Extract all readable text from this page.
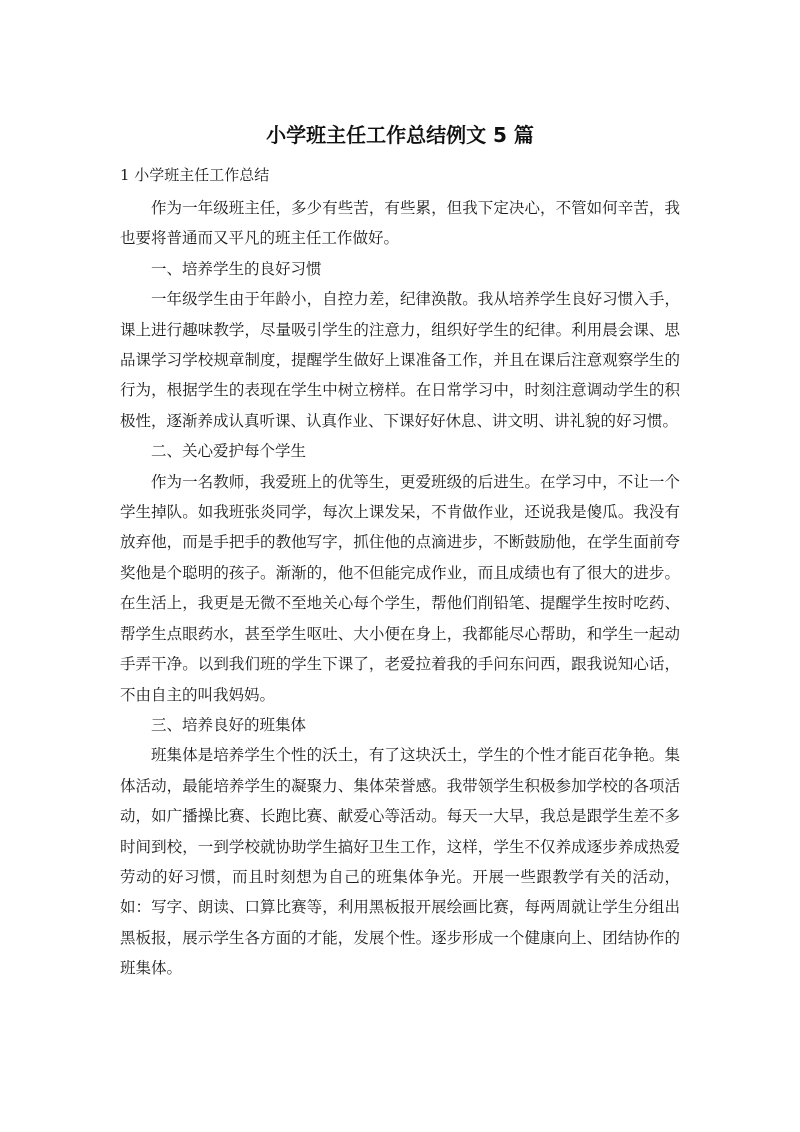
小学班主任工作总结例文 5 篇
1 小学班主任工作总结

作为一年级班主任，多少有些苦，有些累，但我下定决心，不管如何辛苦，我也要将普通而又平凡的班主任工作做好。

一、培养学生的良好习惯

一年级学生由于年龄小，自控力差，纪律涣散。我从培养学生良好习惯入手，课上进行趣味教学，尽量吸引学生的注意力，组织好学生的纪律。利用晨会课、思品课学习学校规章制度，提醒学生做好上课准备工作，并且在课后注意观察学生的行为，根据学生的表现在学生中树立榜样。在日常学习中，时刻注意调动学生的积极性，逐渐养成认真听课、认真作业、下课好好休息、讲文明、讲礼貌的好习惯。

二、关心爱护每个学生

作为一名教师，我爱班上的优等生，更爱班级的后进生。在学习中，不让一个学生掉队。如我班张炎同学，每次上课发呆，不肯做作业，还说我是傻瓜。我没有放弃他，而是手把手的教他写字，抓住他的点滴进步，不断鼓励他，在学生面前夸奖他是个聪明的孩子。渐渐的，他不但能完成作业，而且成绩也有了很大的进步。在生活上，我更是无微不至地关心每个学生，帮他们削铅笔、提醒学生按时吃药、帮学生点眼药水，甚至学生呕吐、大小便在身上，我都能尽心帮助，和学生一起动手弄干净。以到我们班的学生下课了，老爱拉着我的手问东问西，跟我说知心话，不由自主的叫我妈妈。

三、培养良好的班集体

班集体是培养学生个性的沃土，有了这块沃土，学生的个性才能百花争艳。集体活动，最能培养学生的凝聚力、集体荣誉感。我带领学生积极参加学校的各项活动，如广播操比赛、长跑比赛、献爱心等活动。每天一大早，我总是跟学生差不多时间到校，一到学校就协助学生搞好卫生工作，这样，学生不仅养成逐步养成热爱劳动的好习惯，而且时刻想为自己的班集体争光。开展一些跟教学有关的活动，如：写字、朗读、口算比赛等，利用黑板报开展绘画比赛，每两周就让学生分组出黑板报，展示学生各方面的才能，发展个性。逐步形成一个健康向上、团结协作的班集体。
